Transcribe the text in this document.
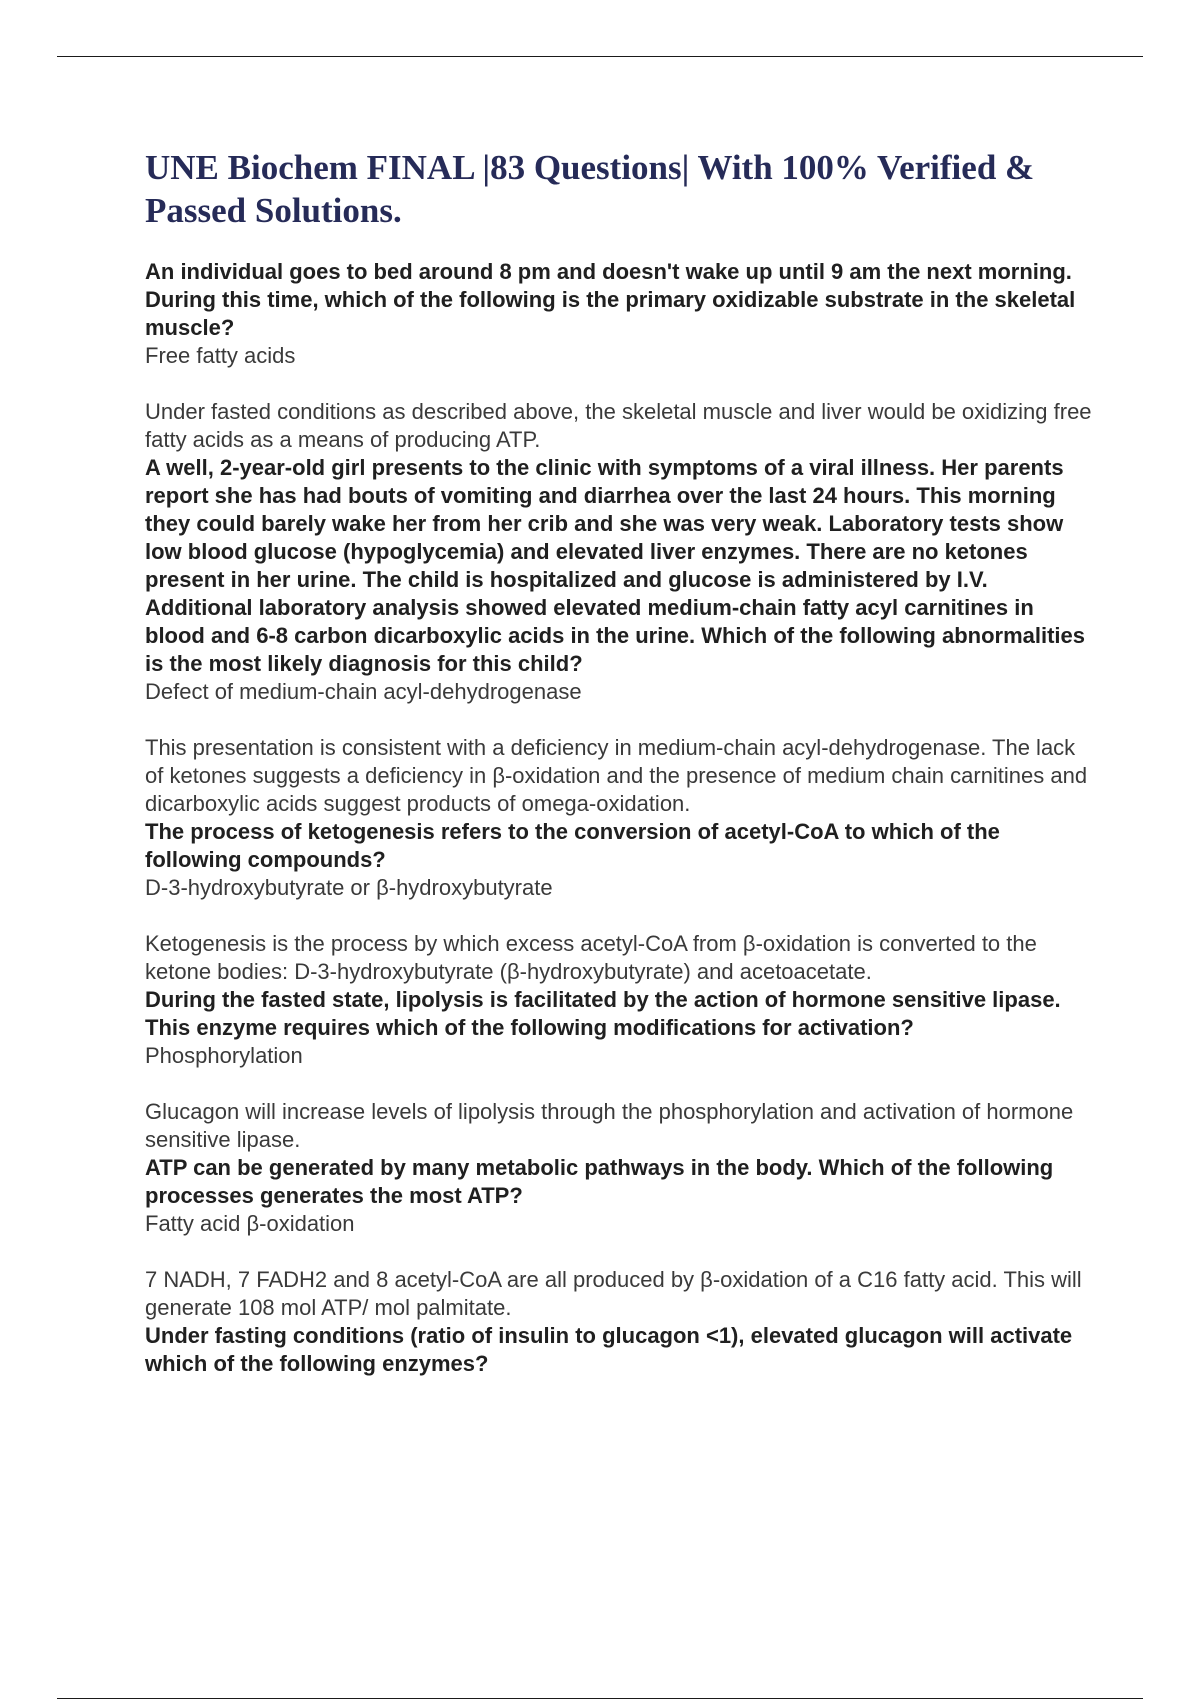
UNE Biochem FINAL |83 Questions| With 100% Verified & Passed Solutions.

An individual goes to bed around 8 pm and doesn't wake up until 9 am the next morning. During this time, which of the following is the primary oxidizable substrate in the skeletal muscle?

Free fatty acids

Under fasted conditions as described above, the skeletal muscle and liver would be oxidizing free fatty acids as a means of producing ATP.

A well, 2-year-old girl presents to the clinic with symptoms of a viral illness. Her parents report she has had bouts of vomiting and diarrhea over the last 24 hours. This morning they could barely wake her from her crib and she was very weak. Laboratory tests show low blood glucose (hypoglycemia) and elevated liver enzymes. There are no ketones present in her urine. The child is hospitalized and glucose is administered by I.V. Additional laboratory analysis showed elevated medium-chain fatty acyl carnitines in blood and 6-8 carbon dicarboxylic acids in the urine. Which of the following abnormalities is the most likely diagnosis for this child?

Defect of medium-chain acyl-dehydrogenase

This presentation is consistent with a deficiency in medium-chain acyl-dehydrogenase. The lack of ketones suggests a deficiency in β-oxidation and the presence of medium chain carnitines and dicarboxylic acids suggest products of omega-oxidation.

The process of ketogenesis refers to the conversion of acetyl-CoA to which of the following compounds?

D-3-hydroxybutyrate or β-hydroxybutyrate

Ketogenesis is the process by which excess acetyl-CoA from β-oxidation is converted to the ketone bodies: D-3-hydroxybutyrate (β-hydroxybutyrate) and acetoacetate.

During the fasted state, lipolysis is facilitated by the action of hormone sensitive lipase. This enzyme requires which of the following modifications for activation?

Phosphorylation

Glucagon will increase levels of lipolysis through the phosphorylation and activation of hormone sensitive lipase.

ATP can be generated by many metabolic pathways in the body. Which of the following processes generates the most ATP?

Fatty acid β-oxidation

7 NADH, 7 FADH2 and 8 acetyl-CoA are all produced by β-oxidation of a C16 fatty acid. This will generate 108 mol ATP/ mol palmitate.

Under fasting conditions (ratio of insulin to glucagon <1), elevated glucagon will activate which of the following enzymes?
